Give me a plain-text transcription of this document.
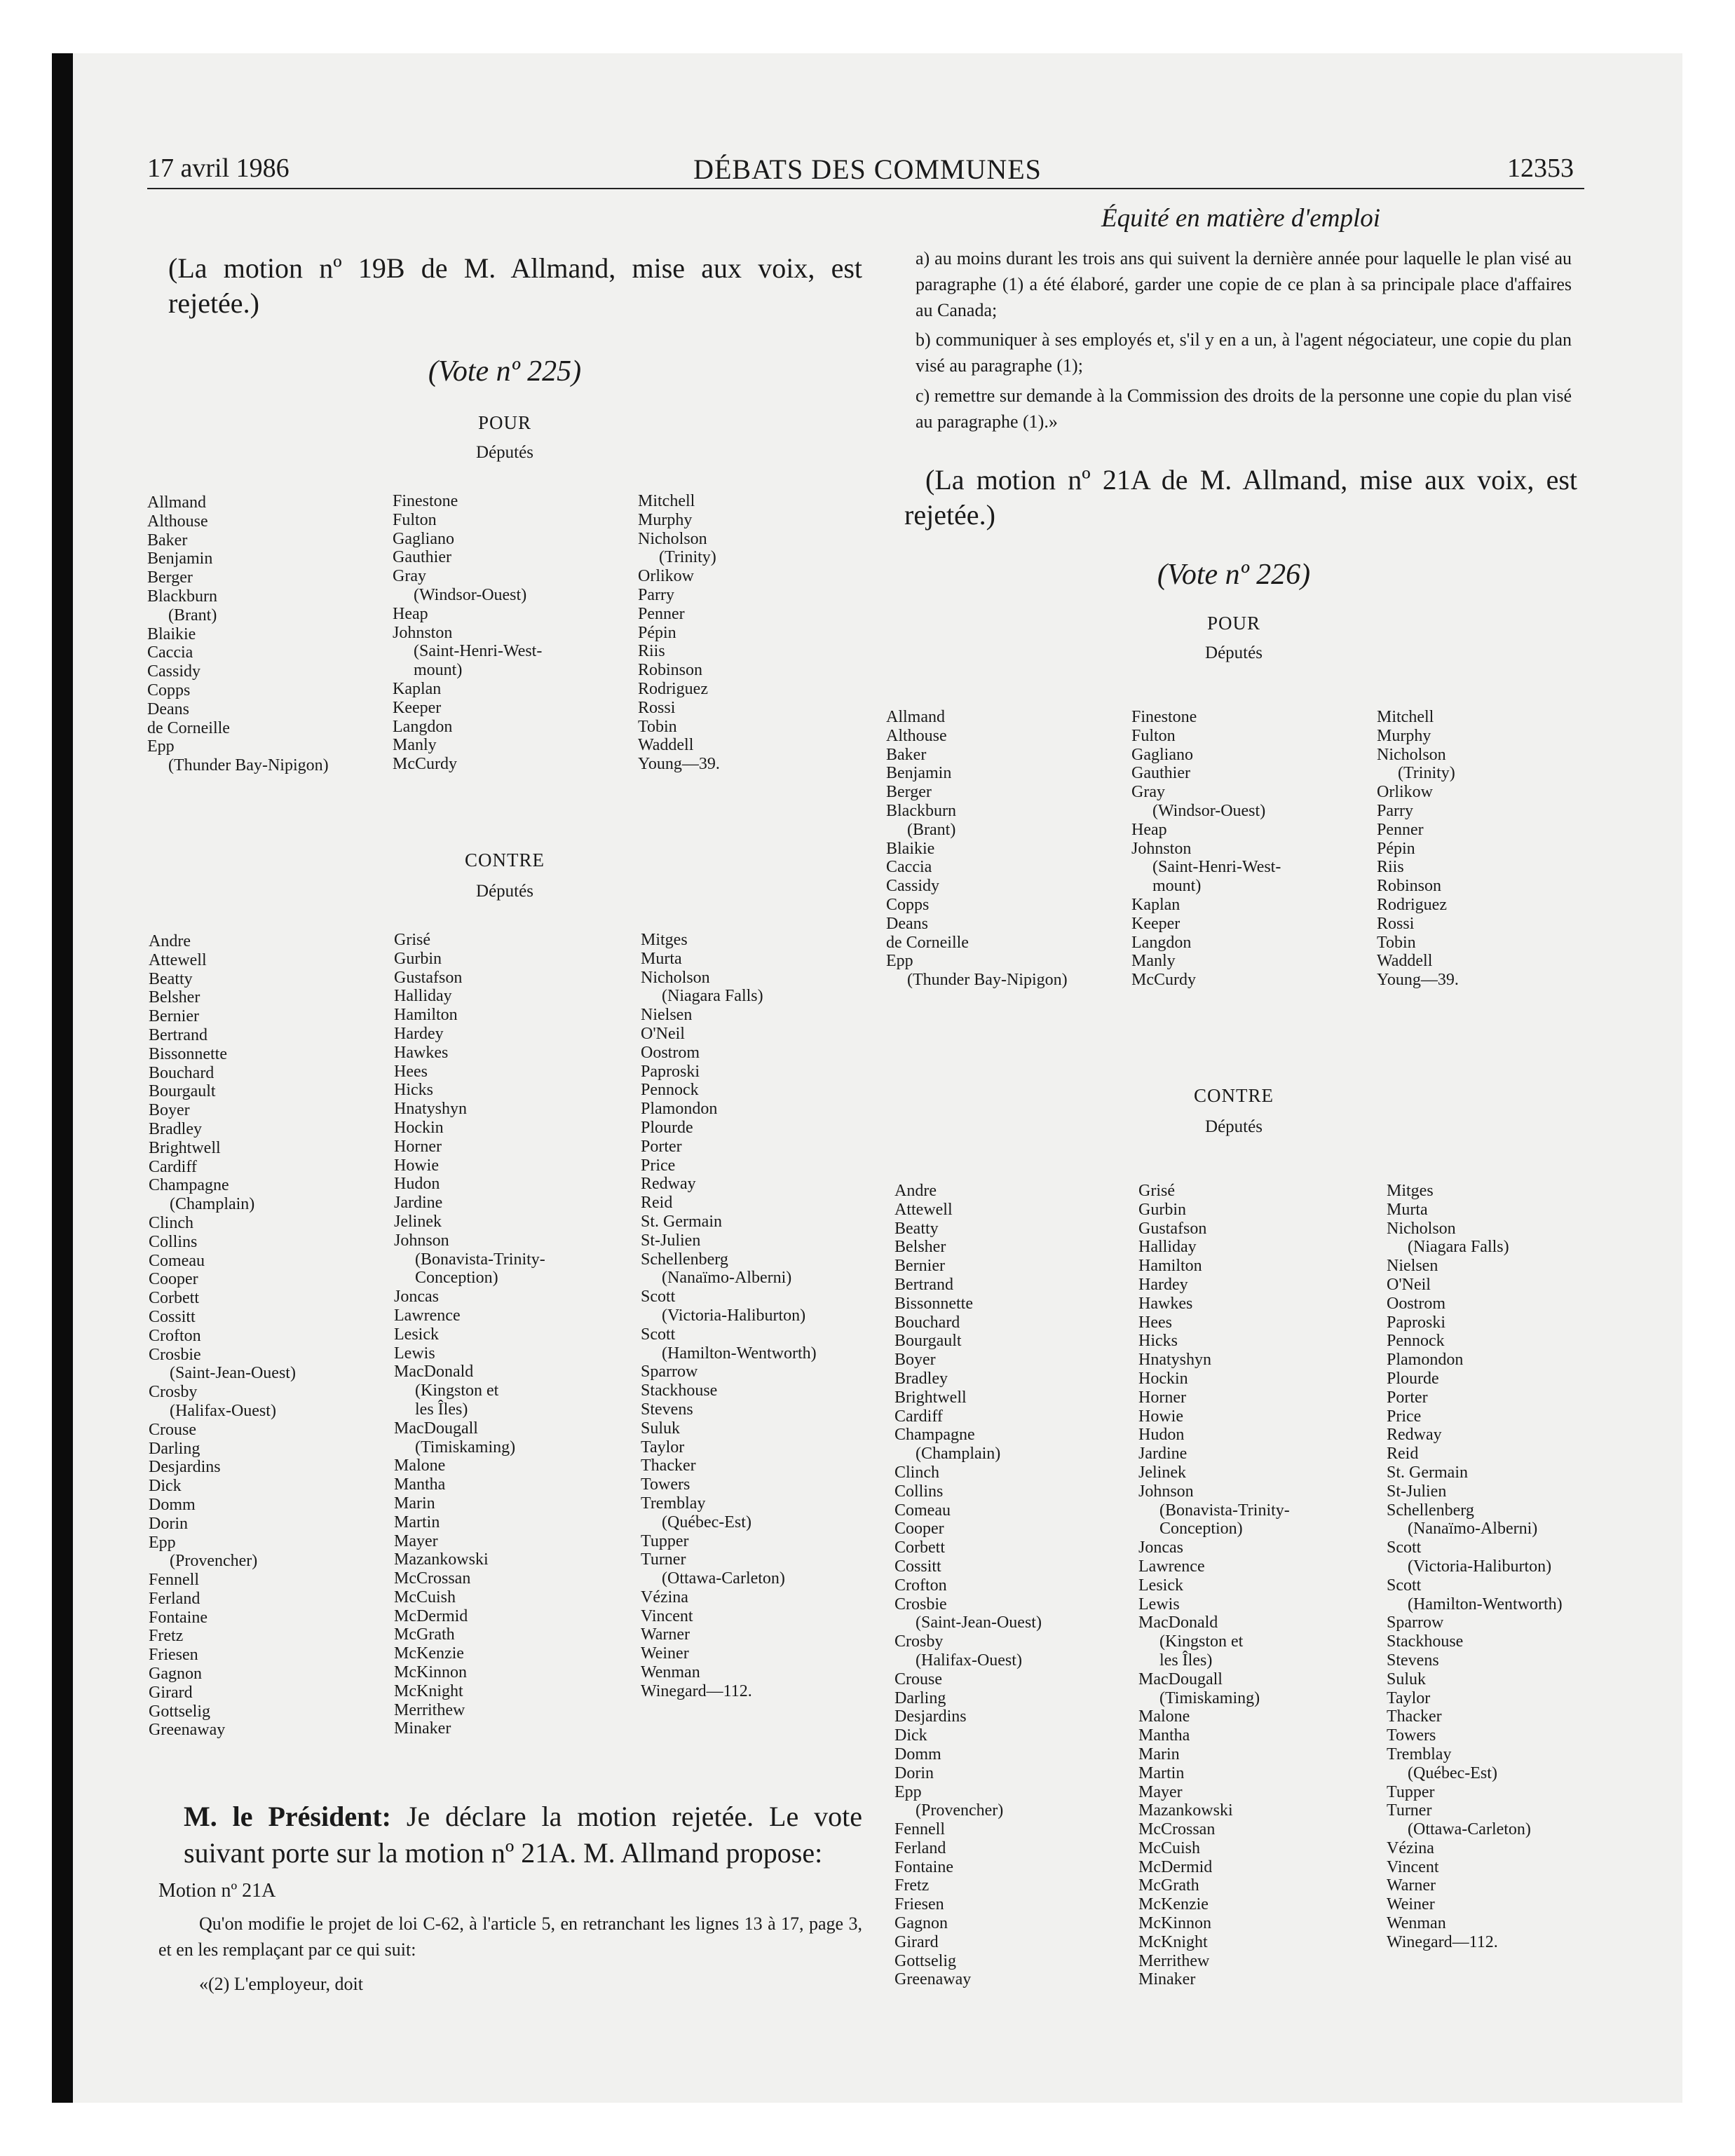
17 avril 1986	DÉBATS DES COMMUNES	12353
Équité en matière d'emploi
(La motion nº 19B de M. Allmand, mise aux voix, est rejetée.)
(Vote nº 225)
POUR
Députés
Allmand
Althouse
Baker
Benjamin
Berger
Blackburn
(Brant)
Blaikie
Caccia
Cassidy
Copps
Deans
de Corneille
Epp
(Thunder Bay-Nipigon)
Finestone
Fulton
Gagliano
Gauthier
Gray
(Windsor-Ouest)
Heap
Johnston
(Saint-Henri-West-
mount)
Kaplan
Keeper
Langdon
Manly
McCurdy
Mitchell
Murphy
Nicholson
(Trinity)
Orlikow
Parry
Penner
Pépin
Riis
Robinson
Rodriguez
Rossi
Tobin
Waddell
Young—39.
CONTRE
Députés
Andre
Attewell
Beatty
Belsher
Bernier
Bertrand
Bissonnette
Bouchard
Bourgault
Boyer
Bradley
Brightwell
Cardiff
Champagne
(Champlain)
Clinch
Collins
Comeau
Cooper
Corbett
Cossitt
Crofton
Crosbie
(Saint-Jean-Ouest)
Crosby
(Halifax-Ouest)
Crouse
Darling
Desjardins
Dick
Domm
Dorin
Epp
(Provencher)
Fennell
Ferland
Fontaine
Fretz
Friesen
Gagnon
Girard
Gottselig
Greenaway
Grisé
Gurbin
Gustafson
Halliday
Hamilton
Hardey
Hawkes
Hees
Hicks
Hnatyshyn
Hockin
Horner
Howie
Hudon
Jardine
Jelinek
Johnson
(Bonavista-Trinity-
Conception)
Joncas
Lawrence
Lesick
Lewis
MacDonald
(Kingston et
les Îles)
MacDougall
(Timiskaming)
Malone
Mantha
Marin
Martin
Mayer
Mazankowski
McCrossan
McCuish
McDermid
McGrath
McKenzie
McKinnon
McKnight
Merrithew
Minaker
Mitges
Murta
Nicholson
(Niagara Falls)
Nielsen
O'Neil
Oostrom
Paproski
Pennock
Plamondon
Plourde
Porter
Price
Redway
Reid
St. Germain
St-Julien
Schellenberg
(Nanaïmo-Alberni)
Scott
(Victoria-Haliburton)
Scott
(Hamilton-Wentworth)
Sparrow
Stackhouse
Stevens
Suluk
Taylor
Thacker
Towers
Tremblay
(Québec-Est)
Tupper
Turner
(Ottawa-Carleton)
Vézina
Vincent
Warner
Weiner
Wenman
Winegard—112.
M. le Président: Je déclare la motion rejetée. Le vote suivant porte sur la motion nº 21A. M. Allmand propose:
Motion nº 21A
Qu'on modifie le projet de loi C-62, à l'article 5, en retranchant les lignes 13 à 17, page 3, et en les remplaçant par ce qui suit:
«(2) L'employeur, doit
a) au moins durant les trois ans qui suivent la dernière année pour laquelle le plan visé au paragraphe (1) a été élaboré, garder une copie de ce plan à sa principale place d'affaires au Canada;
b) communiquer à ses employés et, s'il y en a un, à l'agent négociateur, une copie du plan visé au paragraphe (1);
c) remettre sur demande à la Commission des droits de la personne une copie du plan visé au paragraphe (1).»
(La motion nº 21A de M. Allmand, mise aux voix, est rejetée.)
(Vote nº 226)
POUR
Députés
Allmand
Althouse
Baker
Benjamin
Berger
Blackburn
(Brant)
Blaikie
Caccia
Cassidy
Copps
Deans
de Corneille
Epp
(Thunder Bay-Nipigon)
Finestone
Fulton
Gagliano
Gauthier
Gray
(Windsor-Ouest)
Heap
Johnston
(Saint-Henri-West-
mount)
Kaplan
Keeper
Langdon
Manly
McCurdy
Mitchell
Murphy
Nicholson
(Trinity)
Orlikow
Parry
Penner
Pépin
Riis
Robinson
Rodriguez
Rossi
Tobin
Waddell
Young—39.
CONTRE
Députés
Andre
Attewell
Beatty
Belsher
Bernier
Bertrand
Bissonnette
Bouchard
Bourgault
Boyer
Bradley
Brightwell
Cardiff
Champagne
(Champlain)
Clinch
Collins
Comeau
Cooper
Corbett
Cossitt
Crofton
Crosbie
(Saint-Jean-Ouest)
Crosby
(Halifax-Ouest)
Crouse
Darling
Desjardins
Dick
Domm
Dorin
Epp
(Provencher)
Fennell
Ferland
Fontaine
Fretz
Friesen
Gagnon
Girard
Gottselig
Greenaway
Grisé
Gurbin
Gustafson
Halliday
Hamilton
Hardey
Hawkes
Hees
Hicks
Hnatyshyn
Hockin
Horner
Howie
Hudon
Jardine
Jelinek
Johnson
(Bonavista-Trinity-
Conception)
Joncas
Lawrence
Lesick
Lewis
MacDonald
(Kingston et
les Îles)
MacDougall
(Timiskaming)
Malone
Mantha
Marin
Martin
Mayer
Mazankowski
McCrossan
McCuish
McDermid
McGrath
McKenzie
McKinnon
McKnight
Merrithew
Minaker
Mitges
Murta
Nicholson
(Niagara Falls)
Nielsen
O'Neil
Oostrom
Paproski
Pennock
Plamondon
Plourde
Porter
Price
Redway
Reid
St. Germain
St-Julien
Schellenberg
(Nanaïmo-Alberni)
Scott
(Victoria-Haliburton)
Scott
(Hamilton-Wentworth)
Sparrow
Stackhouse
Stevens
Suluk
Taylor
Thacker
Towers
Tremblay
(Québec-Est)
Tupper
Turner
(Ottawa-Carleton)
Vézina
Vincent
Warner
Weiner
Wenman
Winegard—112.
